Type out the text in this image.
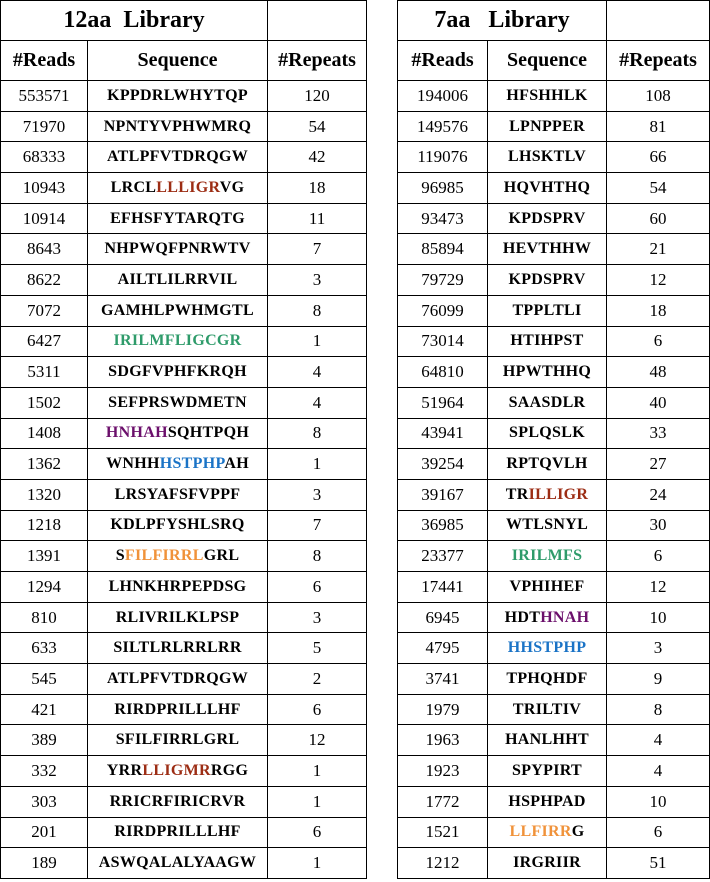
12aa  Library		
#Reads	Sequence	#Repeats
553571	KPPDRLWHYTQP	120
71970	NPNTYVPHWMRQ	54
68333	ATLPFVTDRQGW	42
10943	LRCLLLLIGRVG	18
10914	EFHSFYTARQTG	11
8643	NHPWQFPNRWTV	7
8622	AILTLILRRVIL	3
7072	GAMHLPWHMGTL	8
6427	IRILMFLIGCGR	1
5311	SDGFVPHFKRQH	4
1502	SEFPRSWDMETN	4
1408	HNHAHSQHTPQH	8
1362	WNHHHSTPHPAH	1
1320	LRSYAFSFVPPF	3
1218	KDLPFYSHLSRQ	7
1391	SFILFIRRLGRL	8
1294	LHNKHRPEPDSG	6
810	RLIVRILKLPSP	3
633	SILTLRLRRLRR	5
545	ATLPFVTDRQGW	2
421	RIRDPRILLLHF	6
389	SFILFIRRLGRL	12
332	YRRLLIGMRRGG	1
303	RRICRFIRICRVR	1
201	RIRDPRILLLHF	6
189	ASWQALALYAAGW	1
7aa   Library		
#Reads	Sequence	#Repeats
194006	HFSHHLK	108
149576	LPNPPER	81
119076	LHSKTLV	66
96985	HQVHTHQ	54
93473	KPDSPRV	60
85894	HEVTHHW	21
79729	KPDSPRV	12
76099	TPPLTLI	18
73014	HTIHPST	6
64810	HPWTHHQ	48
51964	SAASDLR	40
43941	SPLQSLK	33
39254	RPTQVLH	27
39167	TRILLIGR	24
36985	WTLSNYL	30
23377	IRILMFS	6
17441	VPHIHEF	12
6945	HDTHNAH	10
4795	HHSTPHP	3
3741	TPHQHDF	9
1979	TRILTIV	8
1963	HANLHHT	4
1923	SPYPIRT	4
1772	HSPHPAD	10
1521	LLFIRRG	6
1212	IRGRIIR	51
